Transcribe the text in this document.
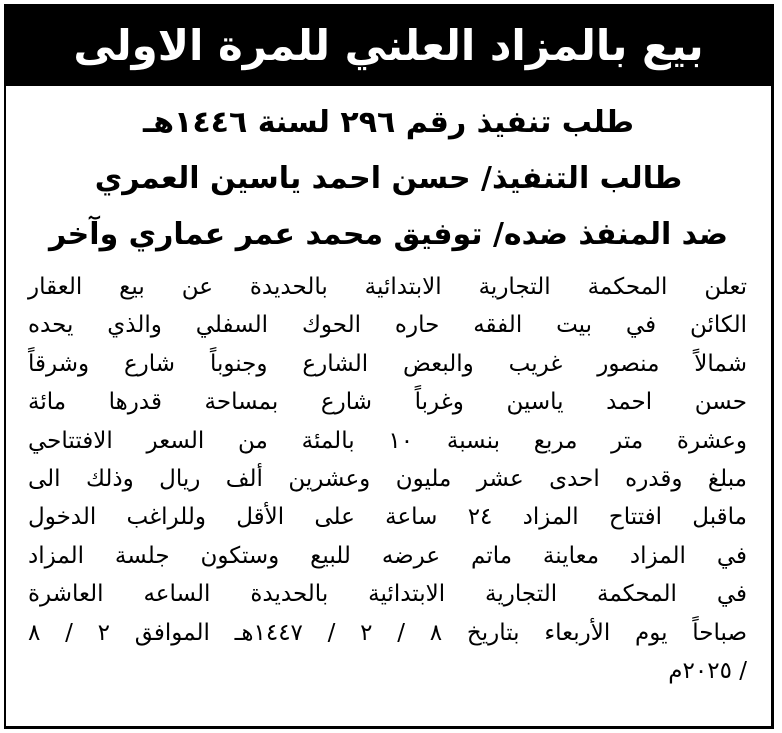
بيع بالمزاد العلني للمرة الاولى
طلب تنفيذ رقم ٢٩٦ لسنة ١٤٤٦هـ
طالب التنفيذ/ حسن احمد ياسين العمري
ضد المنفذ ضده/ توفيق محمد عمر عماري وآخر
تعلن المحكمة التجارية الابتدائية بالحديدة عن بيع العقار
الكائن في بيت الفقه حاره الحوك السفلي والذي يحده
شمالاً منصور غريب والبعض الشارع وجنوباً شارع وشرقاً
حسن احمد ياسين وغرباً شارع بمساحة قدرها مائة
وعشرة متر مربع بنسبة ١٠ بالمئة من السعر الافتتاحي
مبلغ وقدره احدى عشر مليون وعشرين ألف ريال وذلك الى
ماقبل افتتاح المزاد ٢٤ ساعة على الأقل وللراغب الدخول
في المزاد معاينة ماتم عرضه للبيع وستكون جلسة المزاد
في المحكمة التجارية الابتدائية بالحديدة الساعه العاشرة
صباحاً يوم الأربعاء بتاريخ ٨ / ٢ / ١٤٤٧هـ الموافق ٢ / ٨
/ ٢٠٢٥م
